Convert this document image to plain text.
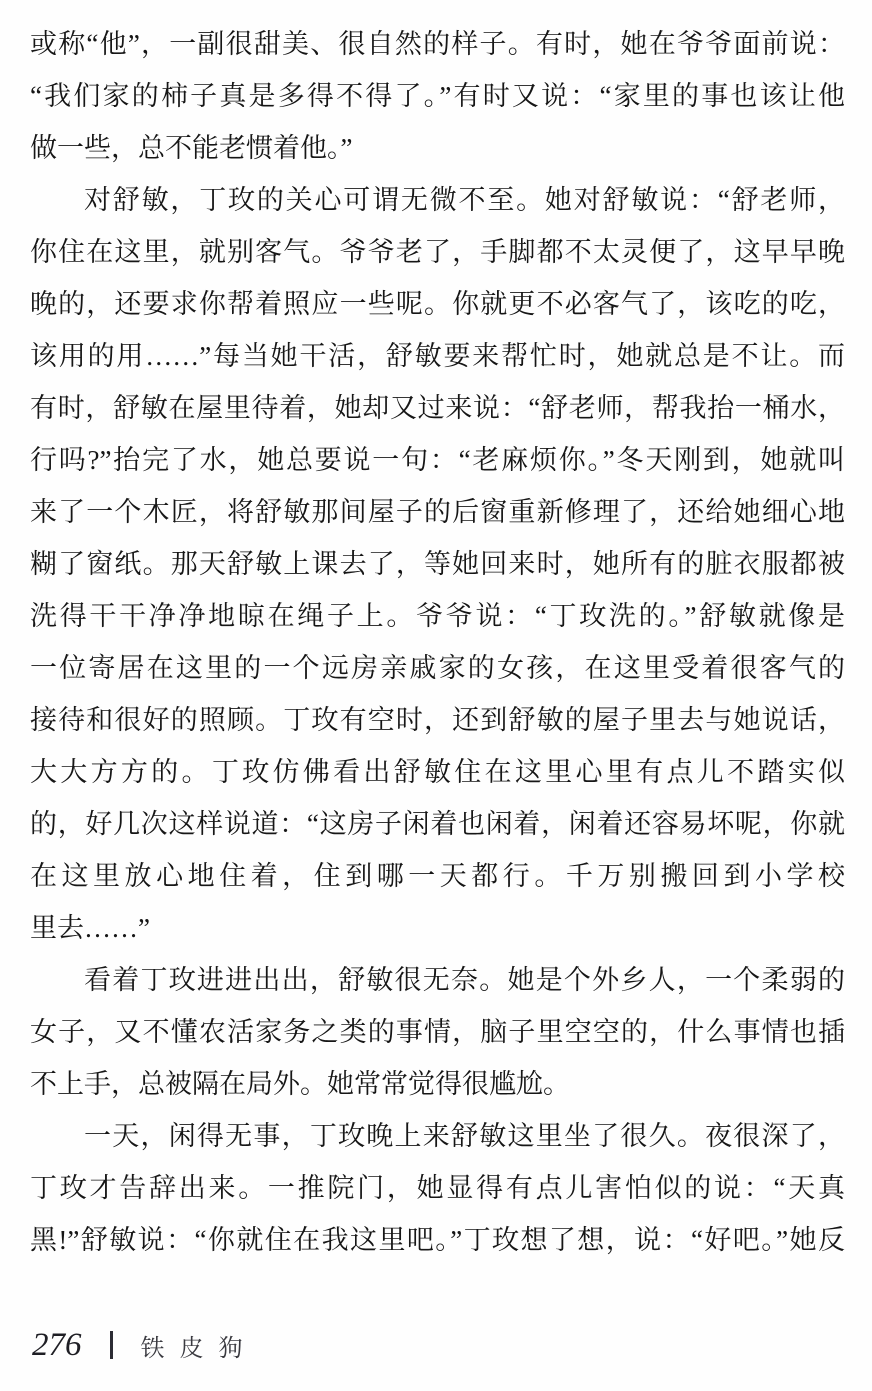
或称“他”，一副很甜美、很自然的样子。有时，她在爷爷面前说：
“我们家的柿子真是多得不得了。”有时又说：“家里的事也该让他
做一些，总不能老惯着他。”
对舒敏，丁玫的关心可谓无微不至。她对舒敏说：“舒老师，
你住在这里，就别客气。爷爷老了，手脚都不太灵便了，这早早晚
晚的，还要求你帮着照应一些呢。你就更不必客气了，该吃的吃，
该用的用……”每当她干活，舒敏要来帮忙时，她就总是不让。而
有时，舒敏在屋里待着，她却又过来说：“舒老师，帮我抬一桶水，
行吗?”抬完了水，她总要说一句：“老麻烦你。”冬天刚到，她就叫
来了一个木匠，将舒敏那间屋子的后窗重新修理了，还给她细心地
糊了窗纸。那天舒敏上课去了，等她回来时，她所有的脏衣服都被
洗得干干净净地晾在绳子上。爷爷说：“丁玫洗的。”舒敏就像是
一位寄居在这里的一个远房亲戚家的女孩，在这里受着很客气的
接待和很好的照顾。丁玫有空时，还到舒敏的屋子里去与她说话，
大大方方的。丁玫仿佛看出舒敏住在这里心里有点儿不踏实似
的，好几次这样说道：“这房子闲着也闲着，闲着还容易坏呢，你就
在这里放心地住着，住到哪一天都行。千万别搬回到小学校
里去……”
看着丁玫进进出出，舒敏很无奈。她是个外乡人，一个柔弱的
女子，又不懂农活家务之类的事情，脑子里空空的，什么事情也插
不上手，总被隔在局外。她常常觉得很尴尬。
一天，闲得无事，丁玫晚上来舒敏这里坐了很久。夜很深了，
丁玫才告辞出来。一推院门，她显得有点儿害怕似的说：“天真
黑!”舒敏说：“你就住在我这里吧。”丁玫想了想，说：“好吧。”她反
276 铁皮狗
